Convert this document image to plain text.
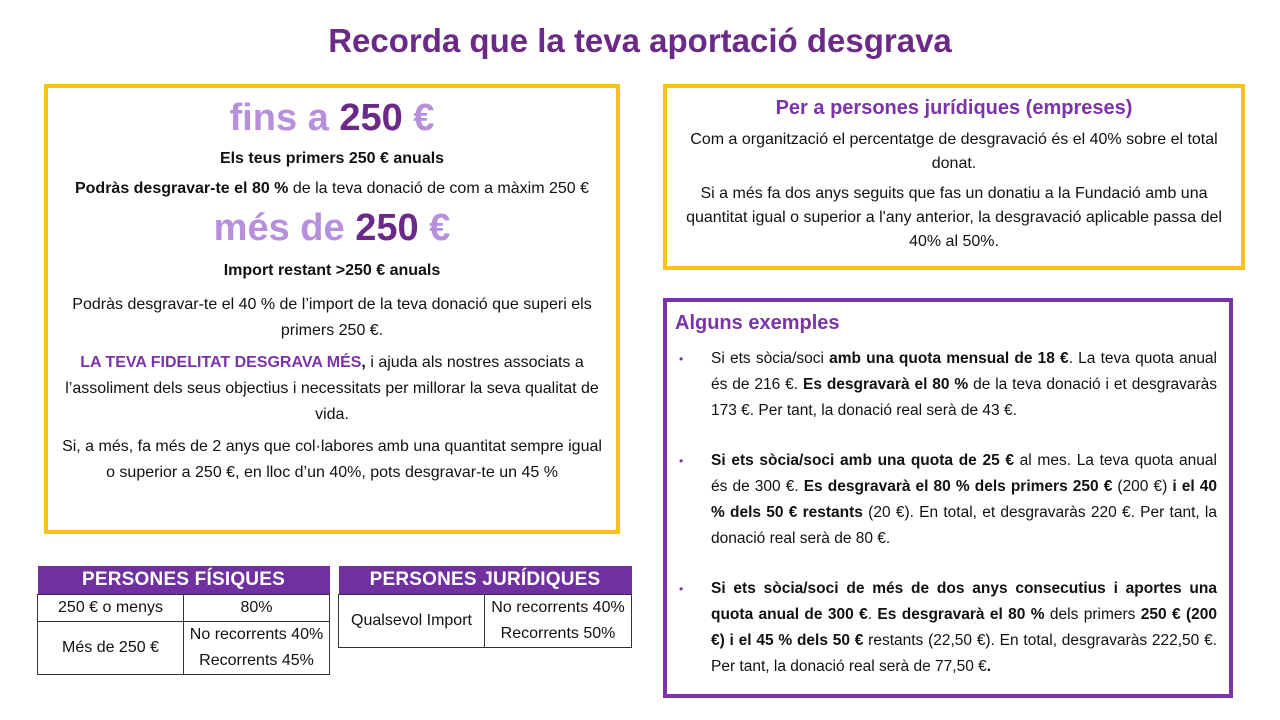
Recorda que la teva aportació desgrava
fins a 250 €

Els teus primers 250 € anuals

Podràs desgravar-te el 80 % de la teva donació de com a màxim 250 €

més de 250 €

Import restant >250 € anuals

Podràs desgravar-te el 40 % de l’import de la teva donació que superi els primers 250 €.

LA TEVA FIDELITAT DESGRAVA MÉS, i ajuda als nostres associats a l’assoliment dels seus objectius i necessitats per millorar la seva qualitat de vida.

Si, a més, fa més de 2 anys que col·labores amb una quantitat sempre igual o superior a 250 €, en lloc d’un 40%, pots desgravar-te un 45 %

Per a persones jurídiques (empreses)

Com a organització el percentatge de desgravació és el 40% sobre el total donat.

Si a més fa dos anys seguits que fas un donatiu a la Fundació amb una quantitat igual o superior a l'any anterior, la desgravació aplicable passa del 40% al 50%.

Alguns exemples
•	Si ets sòcia/soci amb una quota mensual de 18 €. La teva quota anual és de 216 €. Es desgravarà el 80 % de la teva donació i et desgravaràs 173 €. Per tant, la donació real serà de 43 €.
•	Si ets sòcia/soci amb una quota de 25 € al mes. La teva quota anual és de 300 €. Es desgravarà el 80 % dels primers 250 € (200 €) i el 40 % dels 50 € restants (20 €). En total, et desgravaràs 220 €. Per tant, la donació real serà de 80 €.
•	Si ets sòcia/soci de més de dos anys consecutius i aportes una quota anual de 300 €. Es desgravarà el 80 % dels primers 250 € (200 €) i el 45 % dels 50 € restants (22,50 €). En total, desgravaràs 222,50 €. Per tant, la donació real serà de 77,50 €.
PERSONES FÍSIQUES	
250 € o menys	80%
Més de 250 €	No recorrents 40%
	Recorrents 45%
PERSONES JURÍDIQUES
Qualsevol Import	No recorrents 40%
Recorrents 50%
